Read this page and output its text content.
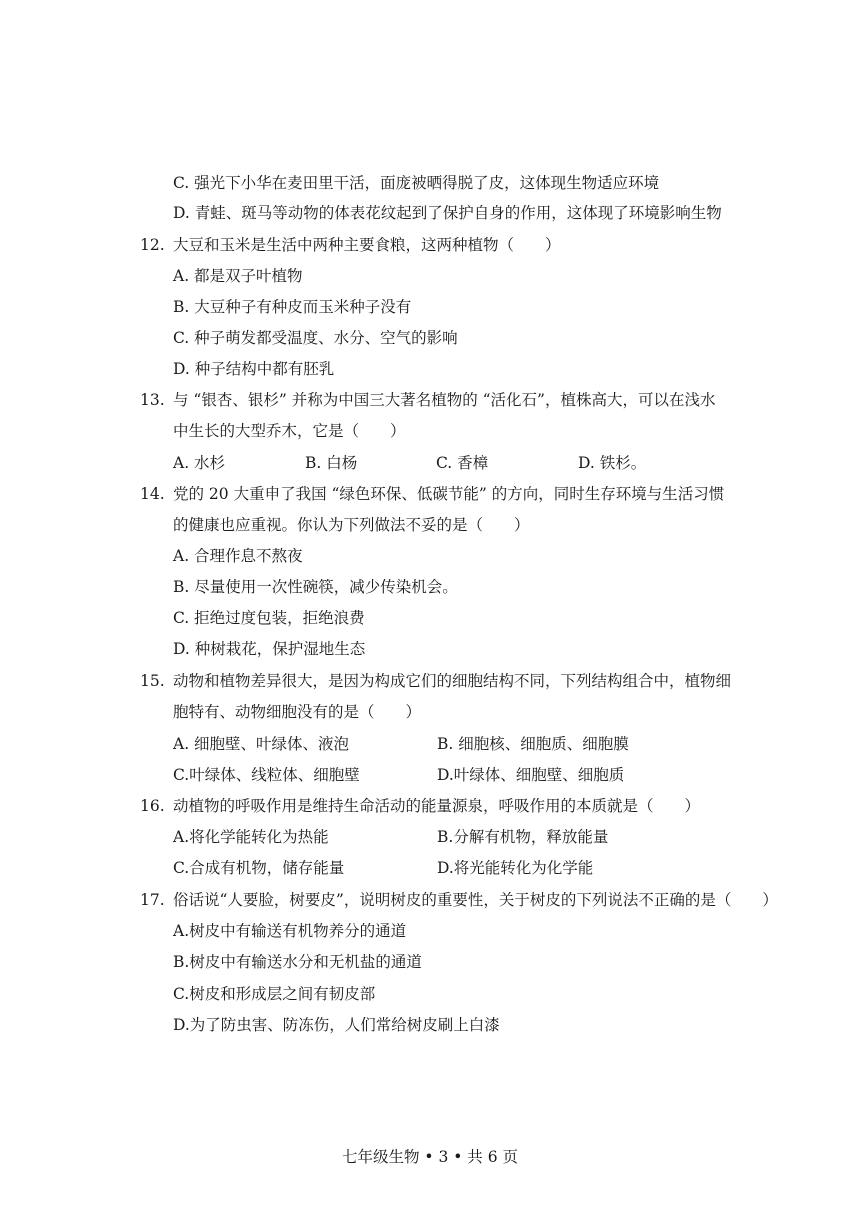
C. 强光下小华在麦田里干活，面庞被晒得脱了皮，这体现生物适应环境
D. 青蛙、斑马等动物的体表花纹起到了保护自身的作用，这体现了环境影响生物
12. 大豆和玉米是生活中两种主要食粮，这两种植物（　　）
A. 都是双子叶植物
B. 大豆种子有种皮而玉米种子没有
C. 种子萌发都受温度、水分、空气的影响
D. 种子结构中都有胚乳
13. 与 “银杏、银杉” 并称为中国三大著名植物的 “活化石”，植株高大，可以在浅水
中生长的大型乔木，它是（　　）
A. 水杉	B. 白杨	C. 香樟	D. 铁杉。
14. 党的 20 大重申了我国 “绿色环保、低碳节能” 的方向，同时生存环境与生活习惯
的健康也应重视。你认为下列做法不妥的是（　　）
A. 合理作息不熬夜
B. 尽量使用一次性碗筷，减少传染机会。
C. 拒绝过度包装，拒绝浪费
D. 种树栽花，保护湿地生态
15. 动物和植物差异很大，是因为构成它们的细胞结构不同，下列结构组合中，植物细
胞特有、动物细胞没有的是（　　）
A. 细胞壁、叶绿体、液泡	B. 细胞核、细胞质、细胞膜
C.叶绿体、线粒体、细胞壁	D.叶绿体、细胞壁、细胞质
16. 动植物的呼吸作用是维持生命活动的能量源泉，呼吸作用的本质就是（　　）
A.将化学能转化为热能	B.分解有机物，释放能量
C.合成有机物，储存能量	D.将光能转化为化学能
17. 俗话说“人要脸，树要皮”，说明树皮的重要性，关于树皮的下列说法不正确的是（　　）
A.树皮中有输送有机物养分的通道
B.树皮中有输送水分和无机盐的通道
C.树皮和形成层之间有韧皮部
D.为了防虫害、防冻伤，人们常给树皮刷上白漆
七年级生物 • 3 • 共 6 页
